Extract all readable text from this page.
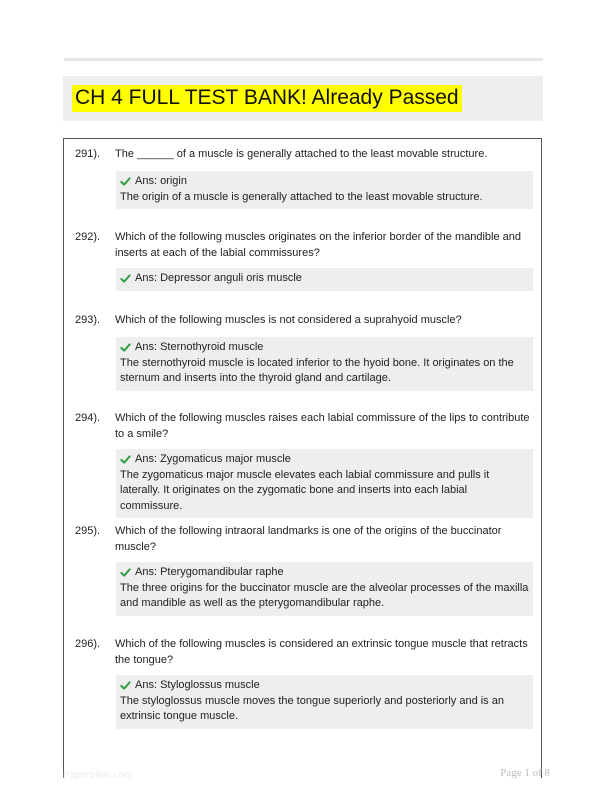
CH 4 FULL TEST BANK! Already Passed
291). The ______ of a muscle is generally attached to the least movable structure.
Ans: origin
The origin of a muscle is generally attached to the least movable structure.
292). Which of the following muscles originates on the inferior border of the mandible and inserts at each of the labial commissures?
Ans: Depressor anguli oris muscle
293). Which of the following muscles is not considered a suprahyoid muscle?
Ans: Sternothyroid muscle
The sternothyroid muscle is located inferior to the hyoid bone. It originates on the sternum and inserts into the thyroid gland and cartilage.
294). Which of the following muscles raises each labial commissure of the lips to contribute to a smile?
Ans: Zygomaticus major muscle
The zygomaticus major muscle elevates each labial commissure and pulls it laterally. It originates on the zygomatic bone and inserts into each labial commissure.
295). Which of the following intraoral landmarks is one of the origins of the buccinator muscle?
Ans: Pterygomandibular raphe
The three origins for the buccinator muscle are the alveolar processes of the maxilla and mandible as well as the pterygomandibular raphe.
296). Which of the following muscles is considered an extrinsic tongue muscle that retracts the tongue?
Ans: Styloglossus muscle
The styloglossus muscle moves the tongue superiorly and posteriorly and is an extrinsic tongue muscle.
Paperbible.com	Page 1 of 8
